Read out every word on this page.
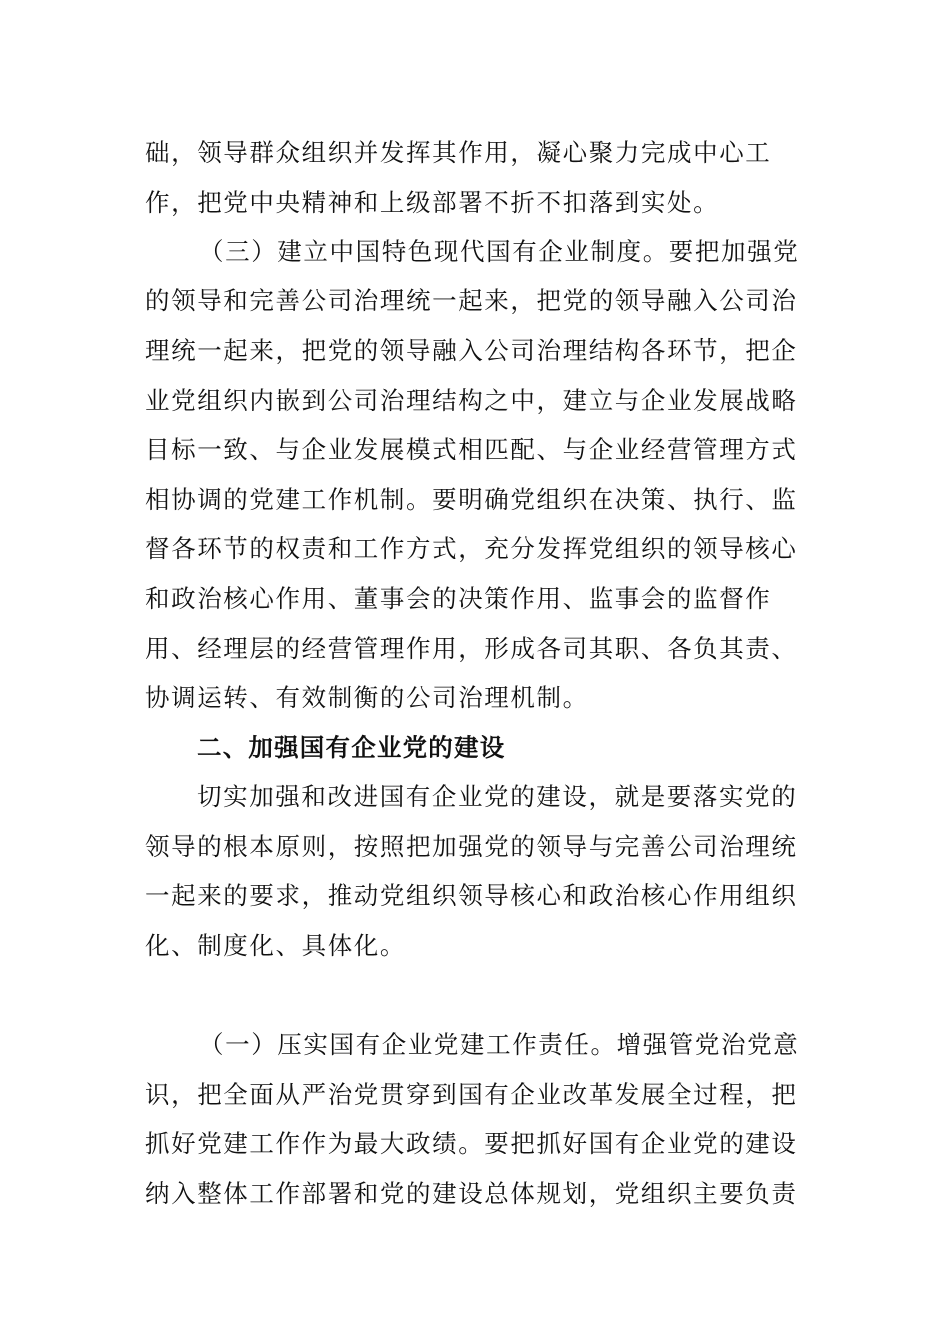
础，领导群众组织并发挥其作用，凝心聚力完成中心工
作，把党中央精神和上级部署不折不扣落到实处。
（三）建立中国特色现代国有企业制度。要把加强党
的领导和完善公司治理统一起来，把党的领导融入公司治
理统一起来，把党的领导融入公司治理结构各环节，把企
业党组织内嵌到公司治理结构之中，建立与企业发展战略
目标一致、与企业发展模式相匹配、与企业经营管理方式
相协调的党建工作机制。要明确党组织在决策、执行、监
督各环节的权责和工作方式，充分发挥党组织的领导核心
和政治核心作用、董事会的决策作用、监事会的监督作
用、经理层的经营管理作用，形成各司其职、各负其责、
协调运转、有效制衡的公司治理机制。
二、加强国有企业党的建设
切实加强和改进国有企业党的建设，就是要落实党的
领导的根本原则，按照把加强党的领导与完善公司治理统
一起来的要求，推动党组织领导核心和政治核心作用组织
化、制度化、具体化。
（一）压实国有企业党建工作责任。增强管党治党意
识，把全面从严治党贯穿到国有企业改革发展全过程，把
抓好党建工作作为最大政绩。要把抓好国有企业党的建设
纳入整体工作部署和党的建设总体规划，党组织主要负责
